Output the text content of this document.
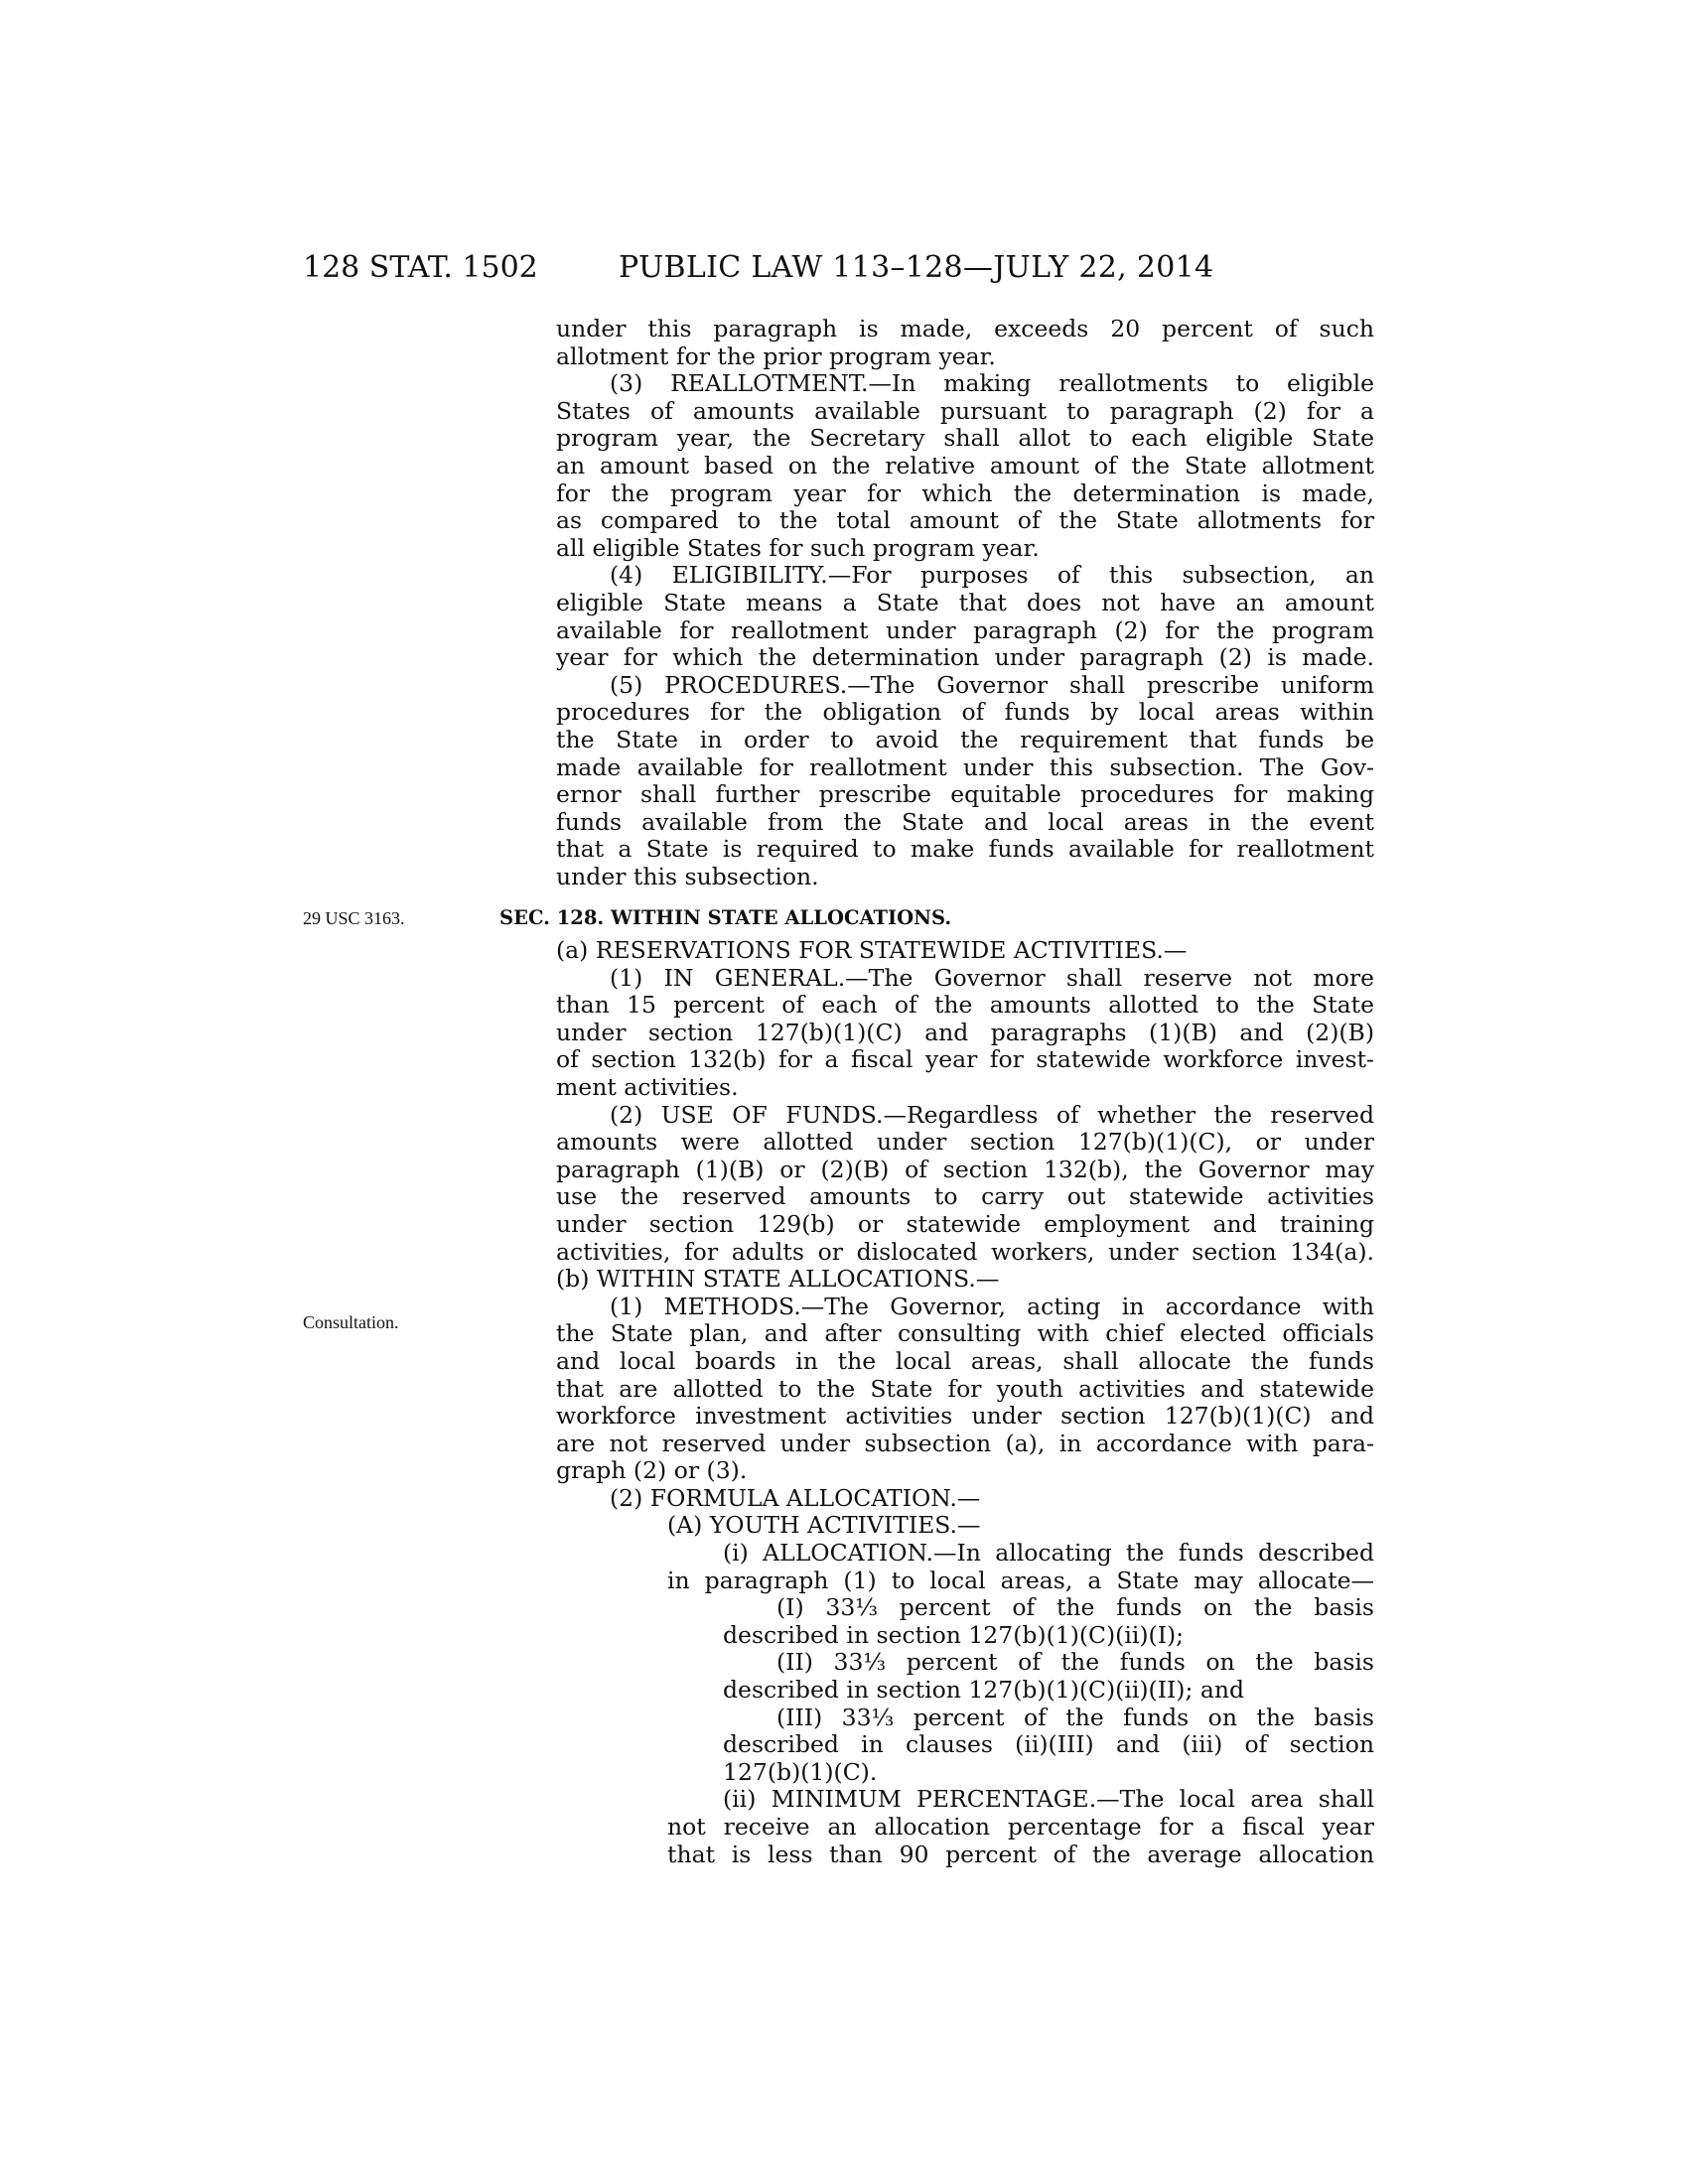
128 STAT. 1502	PUBLIC LAW 113–128—JULY 22, 2014
under this paragraph is made, exceeds 20 percent of such
allotment for the prior program year.
(3) REALLOTMENT.—In making reallotments to eligible
States of amounts available pursuant to paragraph (2) for a
program year, the Secretary shall allot to each eligible State
an amount based on the relative amount of the State allotment
for the program year for which the determination is made,
as compared to the total amount of the State allotments for
all eligible States for such program year.
(4) ELIGIBILITY.—For purposes of this subsection, an
eligible State means a State that does not have an amount
available for reallotment under paragraph (2) for the program
year for which the determination under paragraph (2) is made.
(5) PROCEDURES.—The Governor shall prescribe uniform
procedures for the obligation of funds by local areas within
the State in order to avoid the requirement that funds be
made available for reallotment under this subsection. The Gov-
ernor shall further prescribe equitable procedures for making
funds available from the State and local areas in the event
that a State is required to make funds available for reallotment
under this subsection.
29 USC 3163.	SEC. 128. WITHIN STATE ALLOCATIONS.
Consultation.
(a) RESERVATIONS FOR STATEWIDE ACTIVITIES.—
(1) IN GENERAL.—The Governor shall reserve not more
than 15 percent of each of the amounts allotted to the State
under section 127(b)(1)(C) and paragraphs (1)(B) and (2)(B)
of section 132(b) for a fiscal year for statewide workforce invest-
ment activities.
(2) USE OF FUNDS.—Regardless of whether the reserved
amounts were allotted under section 127(b)(1)(C), or under
paragraph (1)(B) or (2)(B) of section 132(b), the Governor may
use the reserved amounts to carry out statewide activities
under section 129(b) or statewide employment and training
activities, for adults or dislocated workers, under section 134(a).
(b) WITHIN STATE ALLOCATIONS.—
(1) METHODS.—The Governor, acting in accordance with
the State plan, and after consulting with chief elected officials
and local boards in the local areas, shall allocate the funds
that are allotted to the State for youth activities and statewide
workforce investment activities under section 127(b)(1)(C) and
are not reserved under subsection (a), in accordance with para-
graph (2) or (3).
(2) FORMULA ALLOCATION.—
(A) YOUTH ACTIVITIES.—
(i) ALLOCATION.—In allocating the funds described
in paragraph (1) to local areas, a State may allocate—
(I) 33⅓ percent of the funds on the basis
described in section 127(b)(1)(C)(ii)(I);
(II) 33⅓ percent of the funds on the basis
described in section 127(b)(1)(C)(ii)(II); and
(III) 33⅓ percent of the funds on the basis
described in clauses (ii)(III) and (iii) of section
127(b)(1)(C).
(ii) MINIMUM PERCENTAGE.—The local area shall
not receive an allocation percentage for a fiscal year
that is less than 90 percent of the average allocation
